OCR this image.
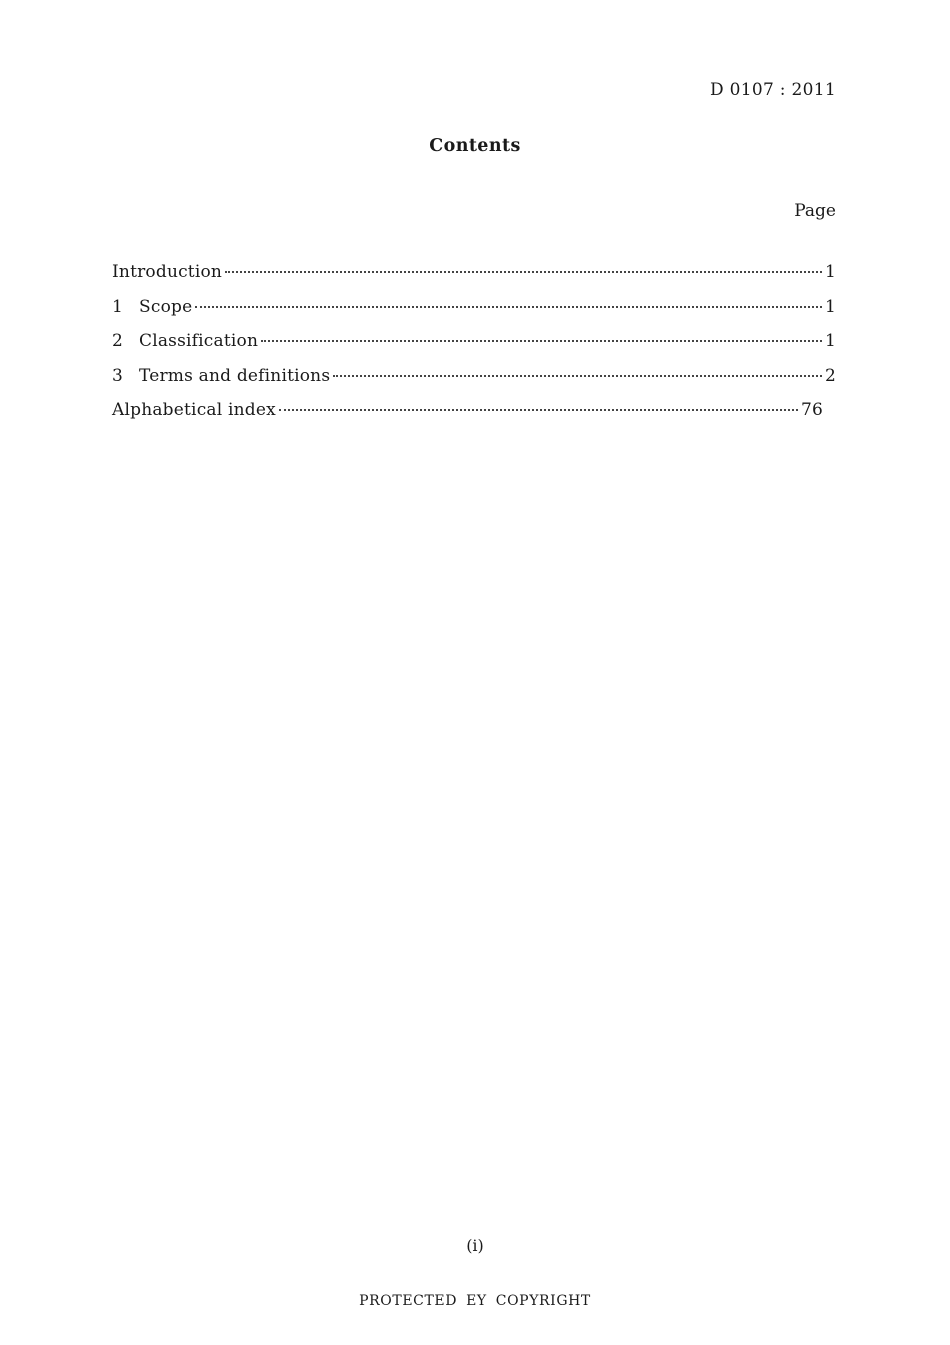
D 0107 : 2011
Contents
Page
Introduction	1
1 Scope	1
2 Classification	1
3 Terms and definitions	2
Alphabetical index	76
(i)
PROTECTED EY COPYRIGHT
